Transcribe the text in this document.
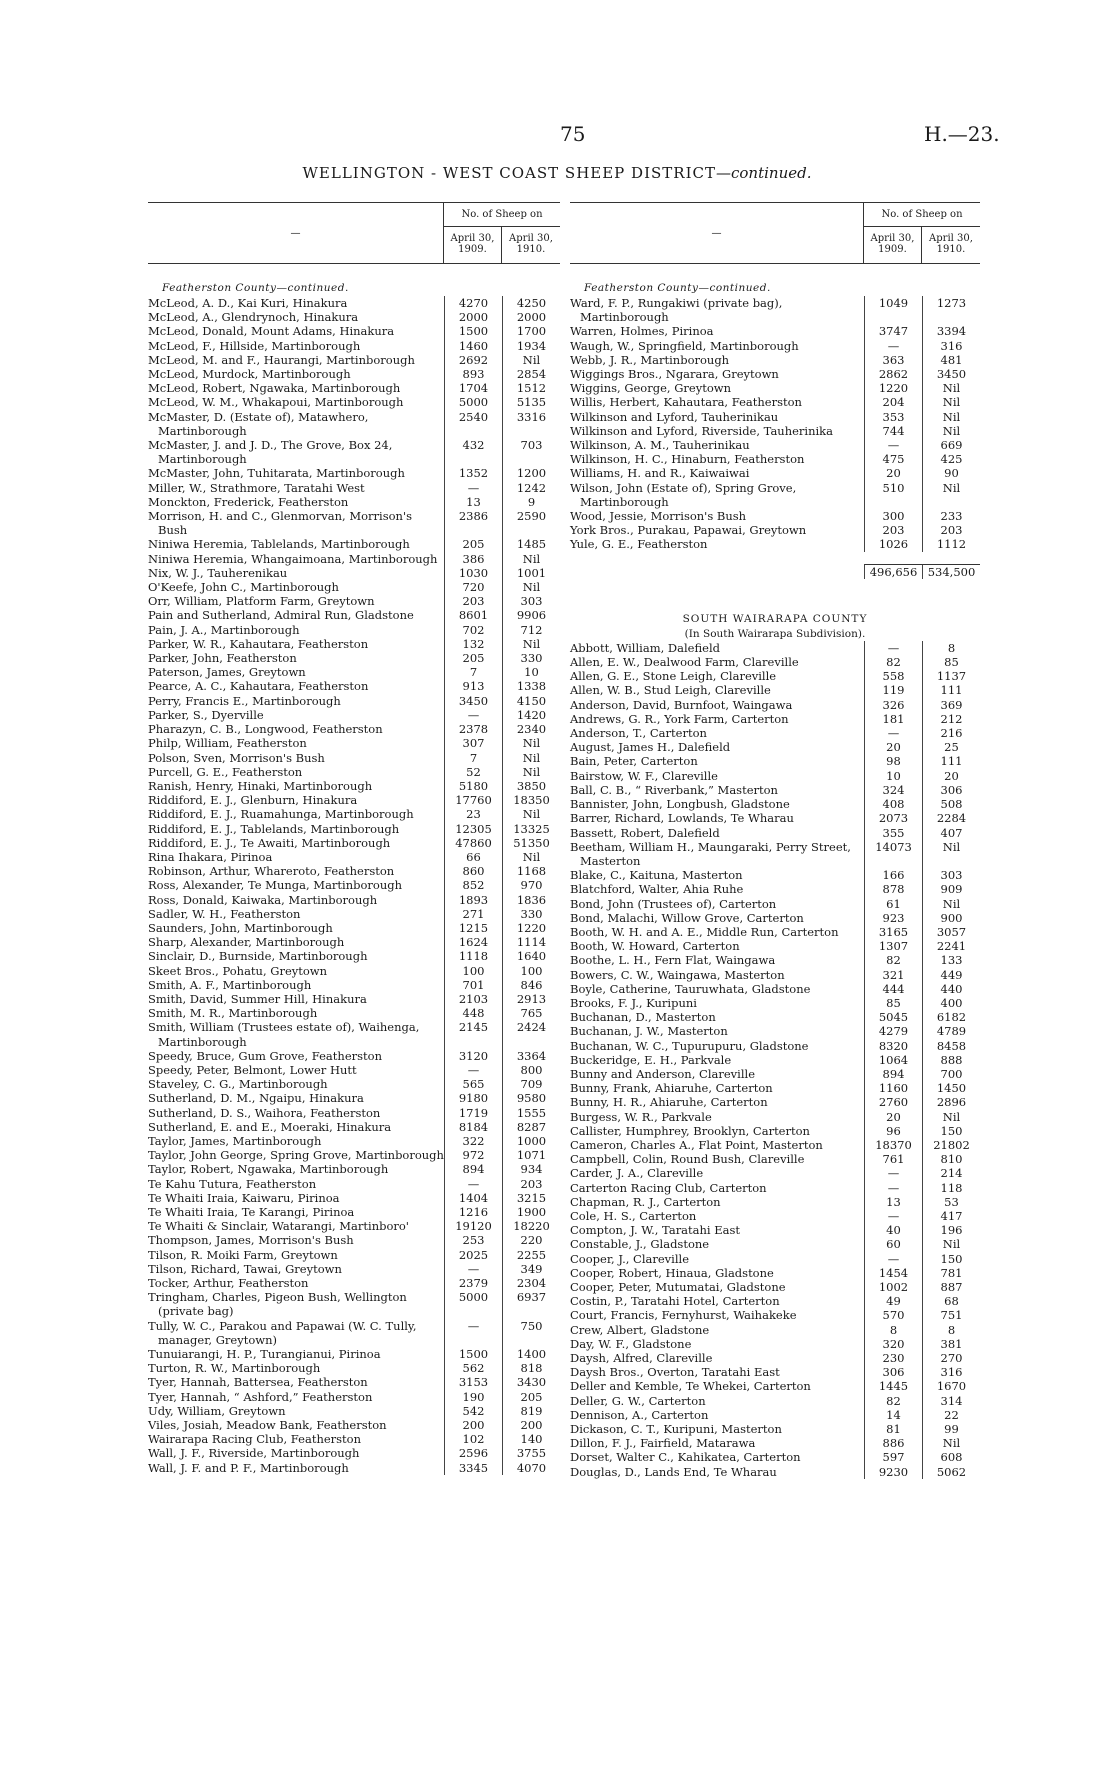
75	H.—23.
WELLINGTON - WEST COAST SHEEP DISTRICT—continued.
—
No. of Sheep on
April 30, 1909.
April 30, 1910.
Featherston County—continued.
McLeod, A. D., Kai Kuri, Hinakura	4270	4250
McLeod, A., Glendrynoch, Hinakura	2000	2000
McLeod, Donald, Mount Adams, Hinakura	1500	1700
McLeod, F., Hillside, Martinborough	1460	1934
McLeod, M. and F., Haurangi, Martinborough	2692	Nil
McLeod, Murdock, Martinborough	893	2854
McLeod, Robert, Ngawaka, Martinborough	1704	1512
McLeod, W. M., Whakapoui, Martinborough	5000	5135
McMaster, D. (Estate of), Matawhero, Martinborough
2540	3316
McMaster, J. and J. D., The Grove, Box 24, Martinborough
432	703
McMaster, John, Tuhitarata, Martinborough	1352	1200
Miller, W., Strathmore, Taratahi West	—	1242
Monckton, Frederick, Featherston	13	9
Morrison, H. and C., Glenmorvan, Morrison's Bush
2386	2590
Niniwa Heremia, Tablelands, Martinborough	205	1485
Niniwa Heremia, Whangaimoana, Martinborough	386	Nil
Nix, W. J., Tauherenikau	1030	1001
O'Keefe, John C., Martinborough	720	Nil
Orr, William, Platform Farm, Greytown	203	303
Pain and Sutherland, Admiral Run, Gladstone	8601	9906
Pain, J. A., Martinborough	702	712
Parker, W. R., Kahautara, Featherston	132	Nil
Parker, John, Featherston	205	330
Paterson, James, Greytown	7	10
Pearce, A. C., Kahautara, Featherston	913	1338
Perry, Francis E., Martinborough	3450	4150
Parker, S., Dyerville	—	1420
Pharazyn, C. B., Longwood, Featherston	2378	2340
Philp, William, Featherston	307	Nil
Polson, Sven, Morrison's Bush	7	Nil
Purcell, G. E., Featherston	52	Nil
Ranish, Henry, Hinaki, Martinborough	5180	3850
Riddiford, E. J., Glenburn, Hinakura	17760	18350
Riddiford, E. J., Ruamahunga, Martinborough	23	Nil
Riddiford, E. J., Tablelands, Martinborough	12305	13325
Riddiford, E. J., Te Awaiti, Martinborough	47860	51350
Rina Ihakara, Pirinoa	66	Nil
Robinson, Arthur, Whareroto, Featherston	860	1168
Ross, Alexander, Te Munga, Martinborough	852	970
Ross, Donald, Kaiwaka, Martinborough	1893	1836
Sadler, W. H., Featherston	271	330
Saunders, John, Martinborough	1215	1220
Sharp, Alexander, Martinborough	1624	1114
Sinclair, D., Burnside, Martinborough	1118	1640
Skeet Bros., Pohatu, Greytown	100	100
Smith, A. F., Martinborough	701	846
Smith, David, Summer Hill, Hinakura	2103	2913
Smith, M. R., Martinborough	448	765
Smith, William (Trustees estate of), Waihenga, Martinborough
2145	2424
Speedy, Bruce, Gum Grove, Featherston	3120	3364
Speedy, Peter, Belmont, Lower Hutt	—	800
Staveley, C. G., Martinborough	565	709
Sutherland, D. M., Ngaipu, Hinakura	9180	9580
Sutherland, D. S., Waihora, Featherston	1719	1555
Sutherland, E. and E., Moeraki, Hinakura	8184	8287
Taylor, James, Martinborough	322	1000
Taylor, John George, Spring Grove, Martinborough	972	1071
Taylor, Robert, Ngawaka, Martinborough	894	934
Te Kahu Tutura, Featherston	—	203
Te Whaiti Iraia, Kaiwaru, Pirinoa	1404	3215
Te Whaiti Iraia, Te Karangi, Pirinoa	1216	1900
Te Whaiti & Sinclair, Watarangi, Martinboro'	19120	18220
Thompson, James, Morrison's Bush	253	220
Tilson, R. Moiki Farm, Greytown	2025	2255
Tilson, Richard, Tawai, Greytown	—	349
Tocker, Arthur, Featherston	2379	2304
Tringham, Charles, Pigeon Bush, Wellington (private bag)
5000	6937
Tully, W. C., Parakou and Papawai (W. C. Tully, manager, Greytown)
—	750
Tunuiarangi, H. P., Turangianui, Pirinoa	1500	1400
Turton, R. W., Martinborough	562	818
Tyer, Hannah, Battersea, Featherston	3153	3430
Tyer, Hannah, “ Ashford,” Featherston	190	205
Udy, William, Greytown	542	819
Viles, Josiah, Meadow Bank, Featherston	200	200
Wairarapa Racing Club, Featherston	102	140
Wall, J. F., Riverside, Martinborough	2596	3755
Wall, J. F. and P. F., Martinborough	3345	4070
—
No. of Sheep on
April 30, 1909.
April 30, 1910.
Featherston County—continued.
Ward, F. P., Rungakiwi (private bag), Martinborough
1049	1273
Warren, Holmes, Pirinoa	3747	3394
Waugh, W., Springfield, Martinborough	—	316
Webb, J. R., Martinborough	363	481
Wiggings Bros., Ngarara, Greytown	2862	3450
Wiggins, George, Greytown	1220	Nil
Willis, Herbert, Kahautara, Featherston	204	Nil
Wilkinson and Lyford, Tauherinikau	353	Nil
Wilkinson and Lyford, Riverside, Tauherinika	744	Nil
Wilkinson, A. M., Tauherinikau	—	669
Wilkinson, H. C., Hinaburn, Featherston	475	425
Williams, H. and R., Kaiwaiwai	20	90
Wilson, John (Estate of), Spring Grove, Martinborough
510	Nil
Wood, Jessie, Morrison's Bush	300	233
York Bros., Purakau, Papawai, Greytown	203	203
Yule, G. E., Featherston	1026	1112
496,656 534,500
SOUTH WAIRARAPA COUNTY
(In South Wairarapa Subdivision).
Abbott, William, Dalefield	—	8
Allen, E. W., Dealwood Farm, Clareville	82	85
Allen, G. E., Stone Leigh, Clareville	558	1137
Allen, W. B., Stud Leigh, Clareville	119	111
Anderson, David, Burnfoot, Waingawa	326	369
Andrews, G. R., York Farm, Carterton	181	212
Anderson, T., Carterton	—	216
August, James H., Dalefield	20	25
Bain, Peter, Carterton	98	111
Bairstow, W. F., Clareville	10	20
Ball, C. B., “ Riverbank,” Masterton	324	306
Bannister, John, Longbush, Gladstone	408	508
Barrer, Richard, Lowlands, Te Wharau	2073	2284
Bassett, Robert, Dalefield	355	407
Beetham, William H., Maungaraki, Perry Street, Masterton
14073	Nil
Blake, C., Kaituna, Masterton	166	303
Blatchford, Walter, Ahia Ruhe	878	909
Bond, John (Trustees of), Carterton	61	Nil
Bond, Malachi, Willow Grove, Carterton	923	900
Booth, W. H. and A. E., Middle Run, Carterton	3165	3057
Booth, W. Howard, Carterton	1307	2241
Boothe, L. H., Fern Flat, Waingawa	82	133
Bowers, C. W., Waingawa, Masterton	321	449
Boyle, Catherine, Tauruwhata, Gladstone	444	440
Brooks, F. J., Kuripuni	85	400
Buchanan, D., Masterton	5045	6182
Buchanan, J. W., Masterton	4279	4789
Buchanan, W. C., Tupurupuru, Gladstone	8320	8458
Buckeridge, E. H., Parkvale	1064	888
Bunny and Anderson, Clareville	894	700
Bunny, Frank, Ahiaruhe, Carterton	1160	1450
Bunny, H. R., Ahiaruhe, Carterton	2760	2896
Burgess, W. R., Parkvale	20	Nil
Callister, Humphrey, Brooklyn, Carterton	96	150
Cameron, Charles A., Flat Point, Masterton	18370	21802
Campbell, Colin, Round Bush, Clareville	761	810
Carder, J. A., Clareville	—	214
Carterton Racing Club, Carterton	—	118
Chapman, R. J., Carterton	13	53
Cole, H. S., Carterton	—	417
Compton, J. W., Taratahi East	40	196
Constable, J., Gladstone	60	Nil
Cooper, J., Clareville	—	150
Cooper, Robert, Hinaua, Gladstone	1454	781
Cooper, Peter, Mutumatai, Gladstone	1002	887
Costin, P., Taratahi Hotel, Carterton	49	68
Court, Francis, Fernyhurst, Waihakeke	570	751
Crew, Albert, Gladstone	8	8
Day, W. F., Gladstone	320	381
Daysh, Alfred, Clareville	230	270
Daysh Bros., Overton, Taratahi East	306	316
Deller and Kemble, Te Whekei, Carterton	1445	1670
Deller, G. W., Carterton	82	314
Dennison, A., Carterton	14	22
Dickason, C. T., Kuripuni, Masterton	81	99
Dillon, F. J., Fairfield, Matarawa	886	Nil
Dorset, Walter C., Kahikatea, Carterton	597	608
Douglas, D., Lands End, Te Wharau	9230	5062
